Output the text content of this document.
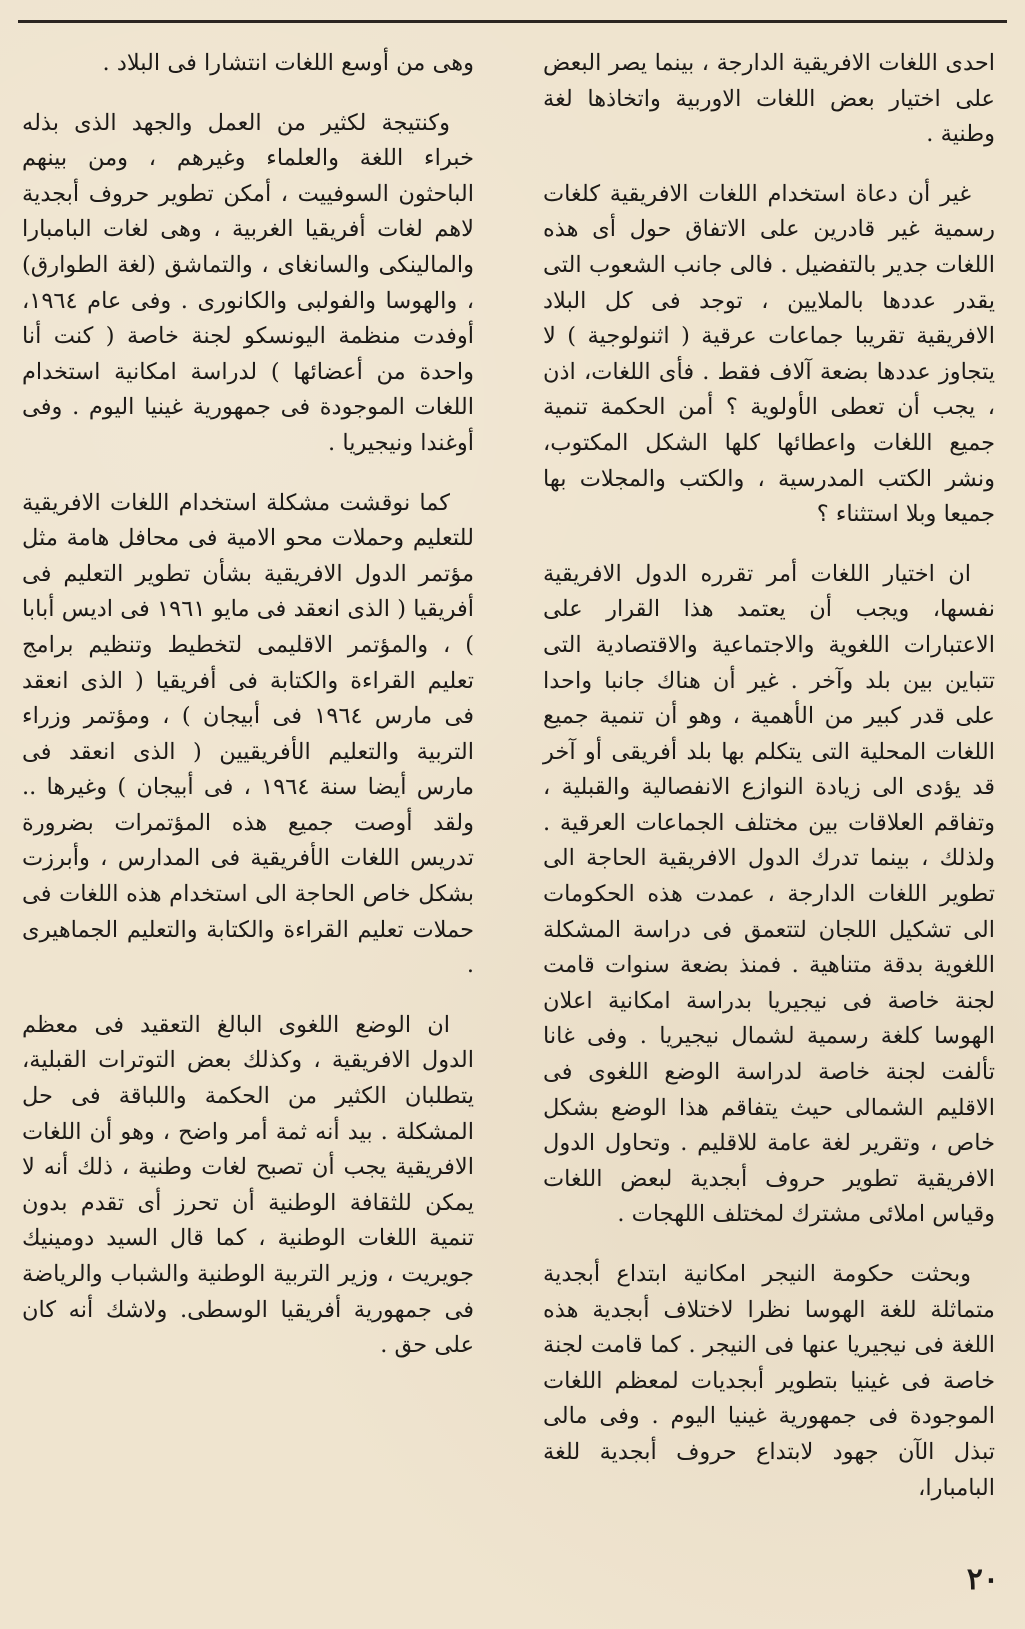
احدى اللغات الافريقية الدارجة ، بينما يصر البعض على اختيار بعض اللغات الاوربية واتخاذها لغة وطنية .

غير أن دعاة استخدام اللغات الافريقية كلغات رسمية غير قادرين على الاتفاق حول أى هذه اللغات جدير بالتفضيل . فالى جانب الشعوب التى يقدر عددها بالملايين ، توجد فى كل البلاد الافريقية تقريبا جماعات عرقية ( اثنولوجية ) لا يتجاوز عددها بضعة آلاف فقط . فأى اللغات، اذن ، يجب أن تعطى الأولوية ؟ أمن الحكمة تنمية جميع اللغات واعطائها كلها الشكل المكتوب، ونشر الكتب المدرسية ، والكتب والمجلات بها جميعا وبلا استثناء ؟

ان اختيار اللغات أمر تقرره الدول الافريقية نفسها، ويجب أن يعتمد هذا القرار على الاعتبارات اللغوية والاجتماعية والاقتصادية التى تتباين بين بلد وآخر . غير أن هناك جانبا واحدا على قدر كبير من الأهمية ، وهو أن تنمية جميع اللغات المحلية التى يتكلم بها بلد أفريقى أو آخر قد يؤدى الى زيادة النوازع الانفصالية والقبلية ، وتفاقم العلاقات بين مختلف الجماعات العرقية . ولذلك ، بينما تدرك الدول الافريقية الحاجة الى تطوير اللغات الدارجة ، عمدت هذه الحكومات الى تشكيل اللجان لتتعمق فى دراسة المشكلة اللغوية بدقة متناهية . فمنذ بضعة سنوات قامت لجنة خاصة فى نيجيريا بدراسة امكانية اعلان الهوسا كلغة رسمية لشمال نيجيريا . وفى غانا تألفت لجنة خاصة لدراسة الوضع اللغوى فى الاقليم الشمالى حيث يتفاقم هذا الوضع بشكل خاص ، وتقرير لغة عامة للاقليم . وتحاول الدول الافريقية تطوير حروف أبجدية لبعض اللغات وقياس املائى مشترك لمختلف اللهجات .

وبحثت حكومة النيجر امكانية ابتداع أبجدية متماثلة للغة الهوسا نظرا لاختلاف أبجدية هذه اللغة فى نيجيريا عنها فى النيجر . كما قامت لجنة خاصة فى غينيا بتطوير أبجديات لمعظم اللغات الموجودة فى جمهورية غينيا اليوم . وفى مالى تبذل الآن جهود لابتداع حروف أبجدية للغة البامبارا،

وهى من أوسع اللغات انتشارا فى البلاد .

وكنتيجة لكثير من العمل والجهد الذى بذله خبراء اللغة والعلماء وغيرهم ، ومن بينهم الباحثون السوفييت ، أمكن تطوير حروف أبجدية لاهم لغات أفريقيا الغربية ، وهى لغات البامبارا والمالينكى والسانغاى ، والتماشق (لغة الطوارق) ، والهوسا والفولبى والكانورى . وفى عام ١٩٦٤، أوفدت منظمة اليونسكو لجنة خاصة ( كنت أنا واحدة من أعضائها ) لدراسة امكانية استخدام اللغات الموجودة فى جمهورية غينيا اليوم . وفى أوغندا ونيجيريا .

كما نوقشت مشكلة استخدام اللغات الافريقية للتعليم وحملات محو الامية فى محافل هامة مثل مؤتمر الدول الافريقية بشأن تطوير التعليم فى أفريقيا ( الذى انعقد فى مايو ١٩٦١ فى اديس أبابا ) ، والمؤتمر الاقليمى لتخطيط وتنظيم برامج تعليم القراءة والكتابة فى أفريقيا ( الذى انعقد فى مارس ١٩٦٤ فى أبيجان ) ، ومؤتمر وزراء التربية والتعليم الأفريقيين ( الذى انعقد فى مارس أيضا سنة ١٩٦٤ ، فى أبيجان ) وغيرها .. ولقد أوصت جميع هذه المؤتمرات بضرورة تدريس اللغات الأفريقية فى المدارس ، وأبرزت بشكل خاص الحاجة الى استخدام هذه اللغات فى حملات تعليم القراءة والكتابة والتعليم الجماهيرى .

ان الوضع اللغوى البالغ التعقيد فى معظم الدول الافريقية ، وكذلك بعض التوترات القبلية، يتطلبان الكثير من الحكمة واللباقة فى حل المشكلة . بيد أنه ثمة أمر واضح ، وهو أن اللغات الافريقية يجب أن تصبح لغات وطنية ، ذلك أنه لا يمكن للثقافة الوطنية أن تحرز أى تقدم بدون تنمية اللغات الوطنية ، كما قال السيد دومينيك جويريت ، وزير التربية الوطنية والشباب والرياضة فى جمهورية أفريقيا الوسطى. ولاشك أنه كان على حق .

٢٠
